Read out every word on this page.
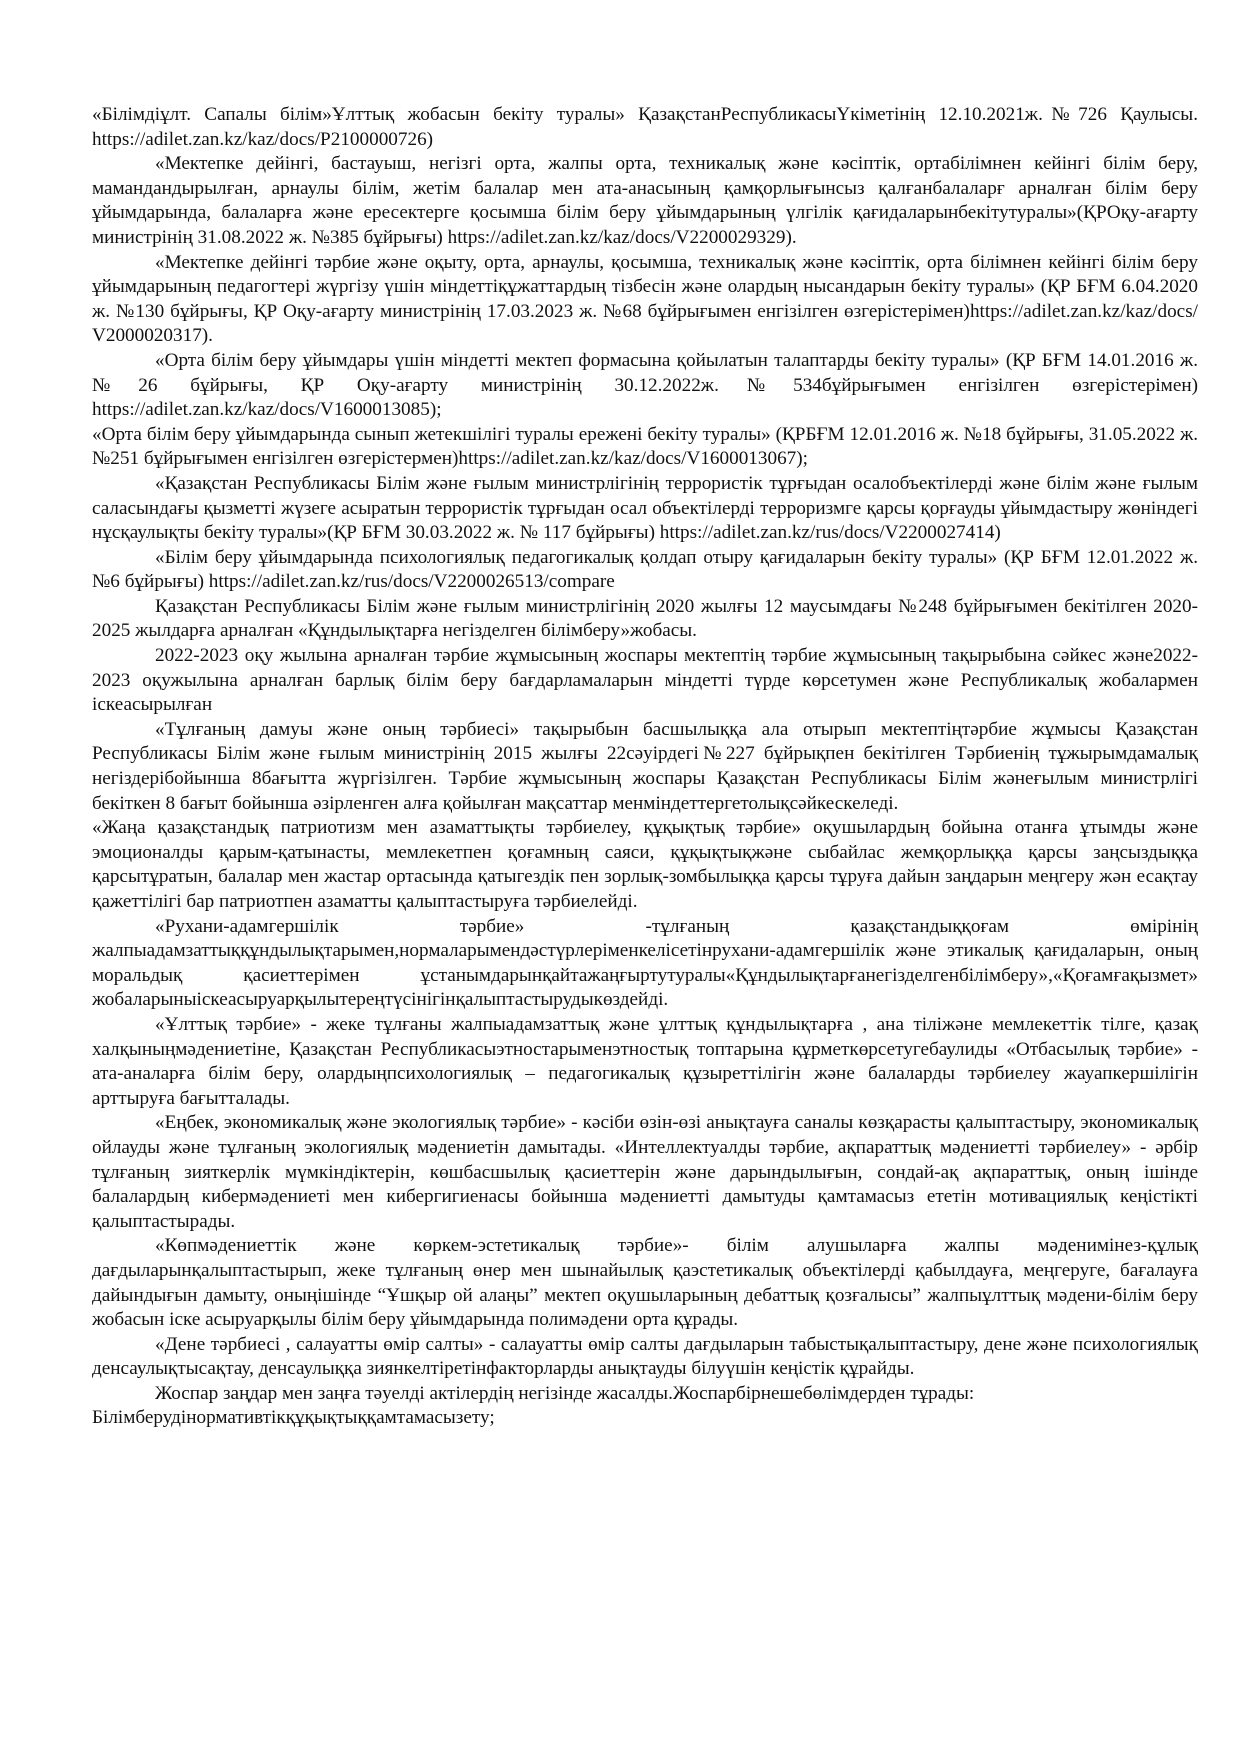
«Білімдіұлт. Сапалы білім»Ұлттық жобасын бекіту туралы» ҚазақстанРеспубликасыҮкіметінің 12.10.2021ж.№726 Қаулысы. https://adilet.zan.kz/kaz/docs/P2100000726)

«Мектепке дейінгі, бастауыш, негізгі орта, жалпы орта, техникалық және кәсіптік, ортабілімнен кейінгі білім беру, мамандандырылған, арнаулы білім, жетім балалар мен ата-анасының қамқорлығынсыз қалғанбалаларғ арналған білім беру ұйымдарында, балаларға және ересектерге қосымша білім беру ұйымдарының үлгілік қағидаларынбекітутуралы»(ҚРОқу-ағарту министрінің 31.08.2022 ж. №385 бұйрығы) https://adilet.zan.kz/kaz/docs/V2200029329).

«Мектепке дейінгі тәрбие және оқыту, орта, арнаулы, қосымша, техникалық және кәсіптік, орта білімнен кейінгі білім беру ұйымдарының педагогтері жүргізу үшін міндеттіқұжаттардың тізбесін және олардың нысандарын бекіту туралы» (ҚР БҒМ 6.04.2020 ж. №130 бұйрығы, ҚР Оқу-ағарту министрінің 17.03.2023 ж. №68 бұйрығымен енгізілген өзгерістерімен)https://adilet.zan.kz/kaz/docs/ V2000020317).

«Орта білім беру ұйымдары үшін міндетті мектеп формасына қойылатын талаптарды бекіту туралы» (ҚР БҒМ 14.01.2016 ж. №26 бұйрығы, ҚР Оқу-ағарту министрінің 30.12.2022ж.№534бұйрығымен енгізілген өзгерістерімен) https://adilet.zan.kz/kaz/docs/V1600013085);

«Орта білім беру ұйымдарында сынып жетекшілігі туралы ережені бекіту туралы» (ҚРБҒМ 12.01.2016 ж. №18 бұйрығы, 31.05.2022 ж. №251 бұйрығымен енгізілген өзгерістермен)https://adilet.zan.kz/kaz/docs/V1600013067);

«Қазақстан Республикасы Білім және ғылым министрлігінің террористік тұрғыдан осалобъектілерді және білім және ғылым саласындағы қызметті жүзеге асыратын террористік тұрғыдан осал объектілерді терроризмге қарсы қорғауды ұйымдастыру жөніндегі нұсқаулықты бекіту туралы»(ҚР БҒМ 30.03.2022 ж. № 117 бұйрығы) https://adilet.zan.kz/rus/docs/V2200027414)

«Білім беру ұйымдарында психологиялық педагогикалық қолдап отыру қағидаларын бекіту туралы» (ҚР БҒМ 12.01.2022 ж. №6 бұйрығы) https://adilet.zan.kz/rus/docs/V2200026513/compare

Қазақстан Республикасы Білім және ғылым министрлігінің 2020 жылғы 12 маусымдағы №248 бұйрығымен бекітілген 2020-2025 жылдарға арналған «Құндылықтарға негізделген білімберу»жобасы.

2022-2023 оқу жылына арналған тәрбие жұмысының жоспары мектептің тәрбие жұмысының тақырыбына сәйкес және2022-2023 оқужылына арналған барлық білім беру бағдарламаларын міндетті түрде көрсетумен және Республикалық жобалармен іскеасырылған

«Тұлғаның дамуы және оның тәрбиесі» тақырыбын басшылыққа ала отырып мектептіңтәрбие жұмысы Қазақстан Республикасы Білім және ғылым министрінің 2015 жылғы 22сәуірдегі№227 бұйрықпен бекітілген Тәрбиенің тұжырымдамалық негіздерібойынша 8бағытта жүргізілген. Тәрбие жұмысының жоспары Қазақстан Республикасы Білім жәнеғылым министрлігі бекіткен 8 бағыт бойынша әзірленген алға қойылған мақсаттар менміндеттергетолықсәйкескеледі.

«Жаңа қазақстандық патриотизм мен азаматтықты тәрбиелеу, құқықтық тәрбие» оқушылардың бойына отанға ұтымды және эмоционалды қарым-қатынасты, мемлекетпен қоғамның саяси, құқықтықжәне сыбайлас жемқорлыққа қарсы заңсыздыққа қарсытұратын, балалар мен жастар ортасында қатыгездік пен зорлық-зомбылыққа қарсы тұруға дайын заңдарын меңгеру жән есақтау қажеттілігі бар патриотпен азаматты қалыптастыруға тәрбиелейді.

«Рухани-адамгершілік тәрбие» -тұлғаның қазақстандыққоғам өмірінің жалпыадамзаттыққұндылықтарымен,нормаларымендәстүрлеріменкелісетінрухани-адамгершілік және этикалық қағидаларын, оның моральдық қасиеттерімен ұстанымдарынқайтажаңғыртутуралы«Құндылықтарғанегізделгенбілімберу»,«Қоғамғақызмет» жобаларыныіскеасыруарқылытереңтүсінігінқалыптастырудыкөздейді.

«Ұлттық тәрбие» - жеке тұлғаны жалпыадамзаттық және ұлттық құндылықтарға , ана тіліжәне мемлекеттік тілге, қазақ халқыныңмәдениетіне, Қазақстан Республикасыэтностарыменэтностық топтарына құрметкөрсетугебаулиды «Отбасылық тәрбие» - ата-аналарға білім беру, олардыңпсихологиялық – педагогикалық құзыреттілігін және балаларды тәрбиелеу жауапкершілігін арттыруға бағытталады.

«Еңбек, экономикалық және экологиялық тәрбие» - кәсіби өзін-өзі анықтауға саналы көзқарасты қалыптастыру, экономикалық ойлауды және тұлғаның экологиялық мәдениетін дамытады. «Интеллектуалды тәрбие, ақпараттық мәдениетті тәрбиелеу» - әрбір тұлғаның зияткерлік мүмкіндіктерін, көшбасшылық қасиеттерін және дарындылығын, сондай-ақ ақпараттық, оның ішінде балалардың кибермәдениеті мен кибергигиенасы бойынша мәдениетті дамытуды қамтамасыз ететін мотивациялық кеңістікті қалыптастырады.

«Көпмәдениеттік және көркем-эстетикалық тәрбие»- білім алушыларға жалпы мәденимінез-құлық дағдыларынқалыптастырып, жеке тұлғаның өнер мен шынайылық қаэстетикалық объектілерді қабылдауға, меңгеруге, бағалауға дайындығын дамыту, оныңішінде “Ұшқыр ой алаңы” мектеп оқушыларының дебаттық қозғалысы” жалпыұлттық мәдени-білім беру жобасын іске асыруарқылы білім беру ұйымдарында полимәдени орта құрады.

«Дене тәрбиесі , салауатты өмір салты» - салауатты өмір салты дағдыларын табыстықалыптастыру, дене және психологиялық денсаулықтысақтау, денсаулыққа зиянкелтіретінфакторларды анықтауды білуүшін кеңістік құрайды.

Жоспар заңдар мен заңға тәуелді актілердің негізінде жасалды.Жоспарбірнешебөлімдерден тұрады:

Білімберудінормативтікқұқықтыққамтамасызету;
